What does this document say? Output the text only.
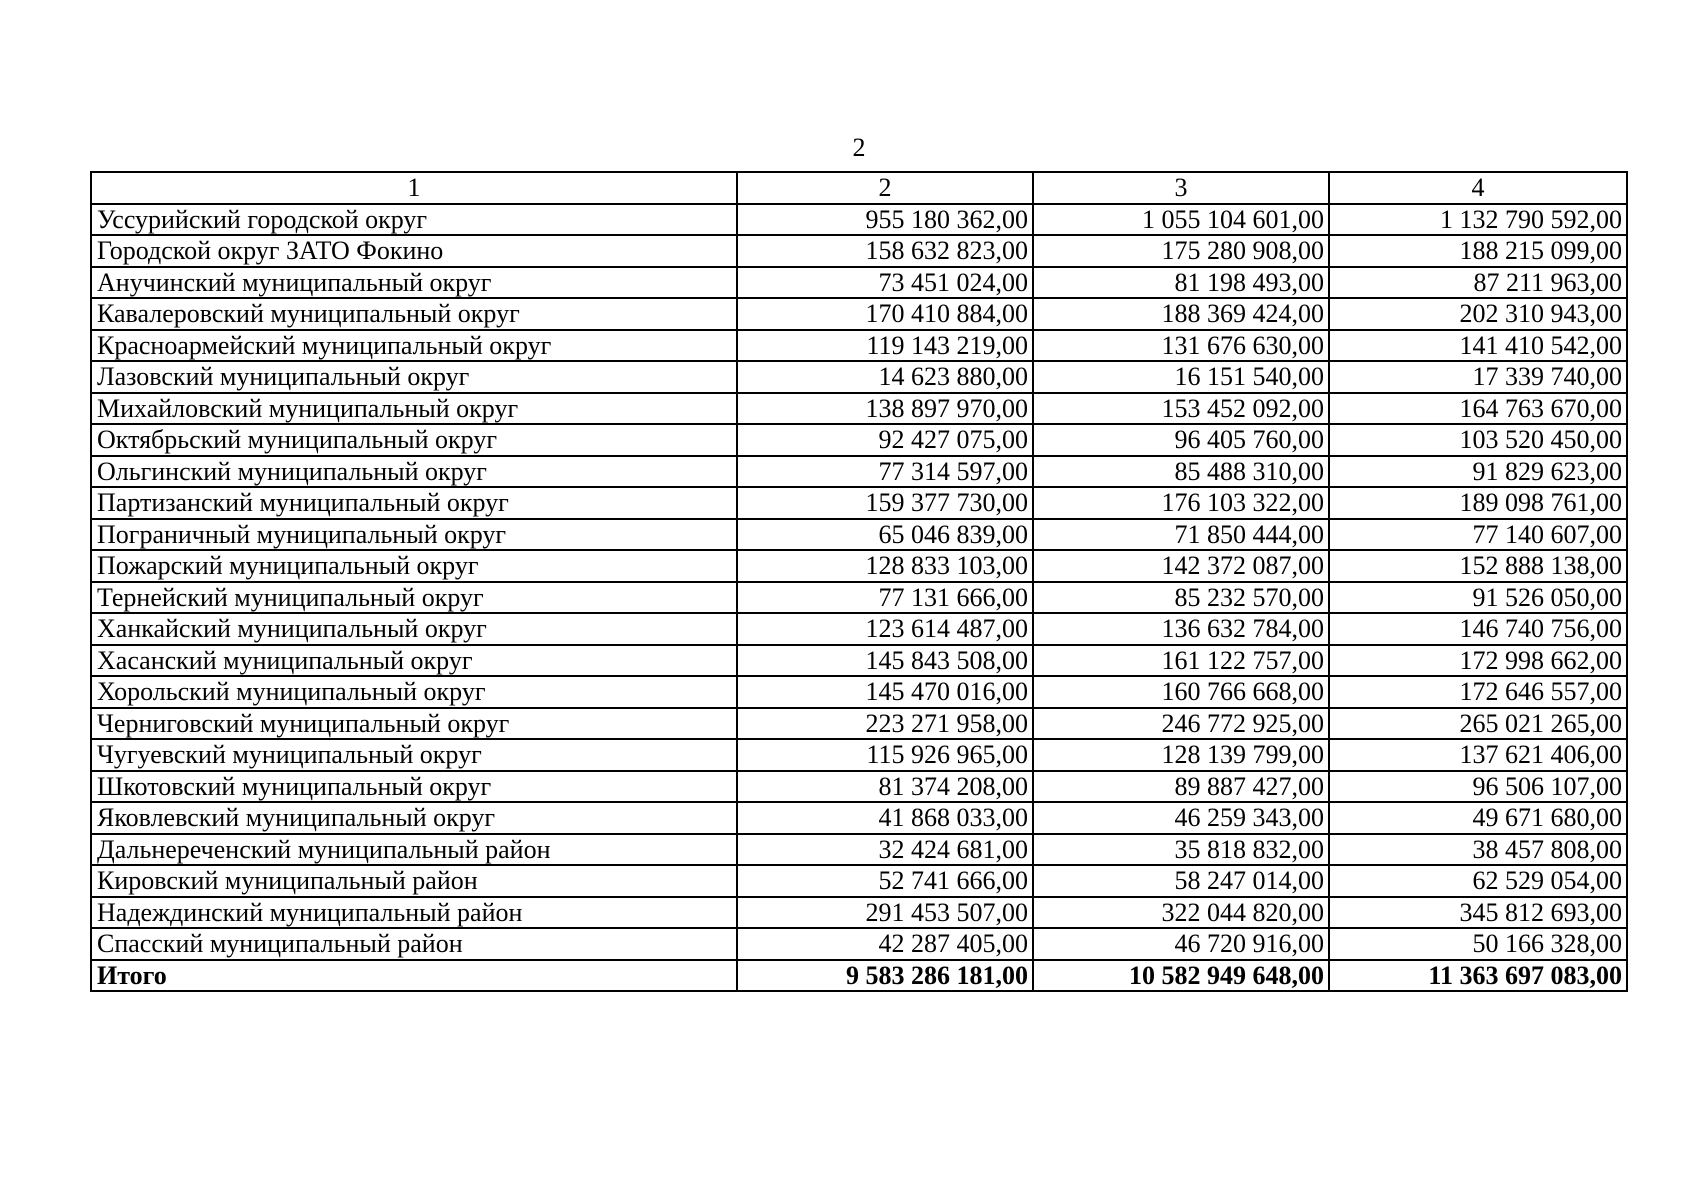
2
1	2	3	4
Уссурийский городской округ	955 180 362,00	1 055 104 601,00	1 132 790 592,00
Городской округ ЗАТО Фокино	158 632 823,00	175 280 908,00	188 215 099,00
Анучинский муниципальный округ	73 451 024,00	81 198 493,00	87 211 963,00
Кавалеровский муниципальный округ	170 410 884,00	188 369 424,00	202 310 943,00
Красноармейский муниципальный округ	119 143 219,00	131 676 630,00	141 410 542,00
Лазовский муниципальный округ	14 623 880,00	16 151 540,00	17 339 740,00
Михайловский муниципальный округ	138 897 970,00	153 452 092,00	164 763 670,00
Октябрьский муниципальный округ	92 427 075,00	96 405 760,00	103 520 450,00
Ольгинский муниципальный округ	77 314 597,00	85 488 310,00	91 829 623,00
Партизанский муниципальный округ	159 377 730,00	176 103 322,00	189 098 761,00
Пограничный муниципальный округ	65 046 839,00	71 850 444,00	77 140 607,00
Пожарский муниципальный округ	128 833 103,00	142 372 087,00	152 888 138,00
Тернейский муниципальный округ	77 131 666,00	85 232 570,00	91 526 050,00
Ханкайский муниципальный округ	123 614 487,00	136 632 784,00	146 740 756,00
Хасанский муниципальный округ	145 843 508,00	161 122 757,00	172 998 662,00
Хорольский муниципальный округ	145 470 016,00	160 766 668,00	172 646 557,00
Черниговский муниципальный округ	223 271 958,00	246 772 925,00	265 021 265,00
Чугуевский муниципальный округ	115 926 965,00	128 139 799,00	137 621 406,00
Шкотовский муниципальный округ	81 374 208,00	89 887 427,00	96 506 107,00
Яковлевский муниципальный округ	41 868 033,00	46 259 343,00	49 671 680,00
Дальнереченский муниципальный район	32 424 681,00	35 818 832,00	38 457 808,00
Кировский муниципальный район	52 741 666,00	58 247 014,00	62 529 054,00
Надеждинский муниципальный район	291 453 507,00	322 044 820,00	345 812 693,00
Спасский муниципальный район	42 287 405,00	46 720 916,00	50 166 328,00
Итого	9 583 286 181,00	10 582 949 648,00	11 363 697 083,00
